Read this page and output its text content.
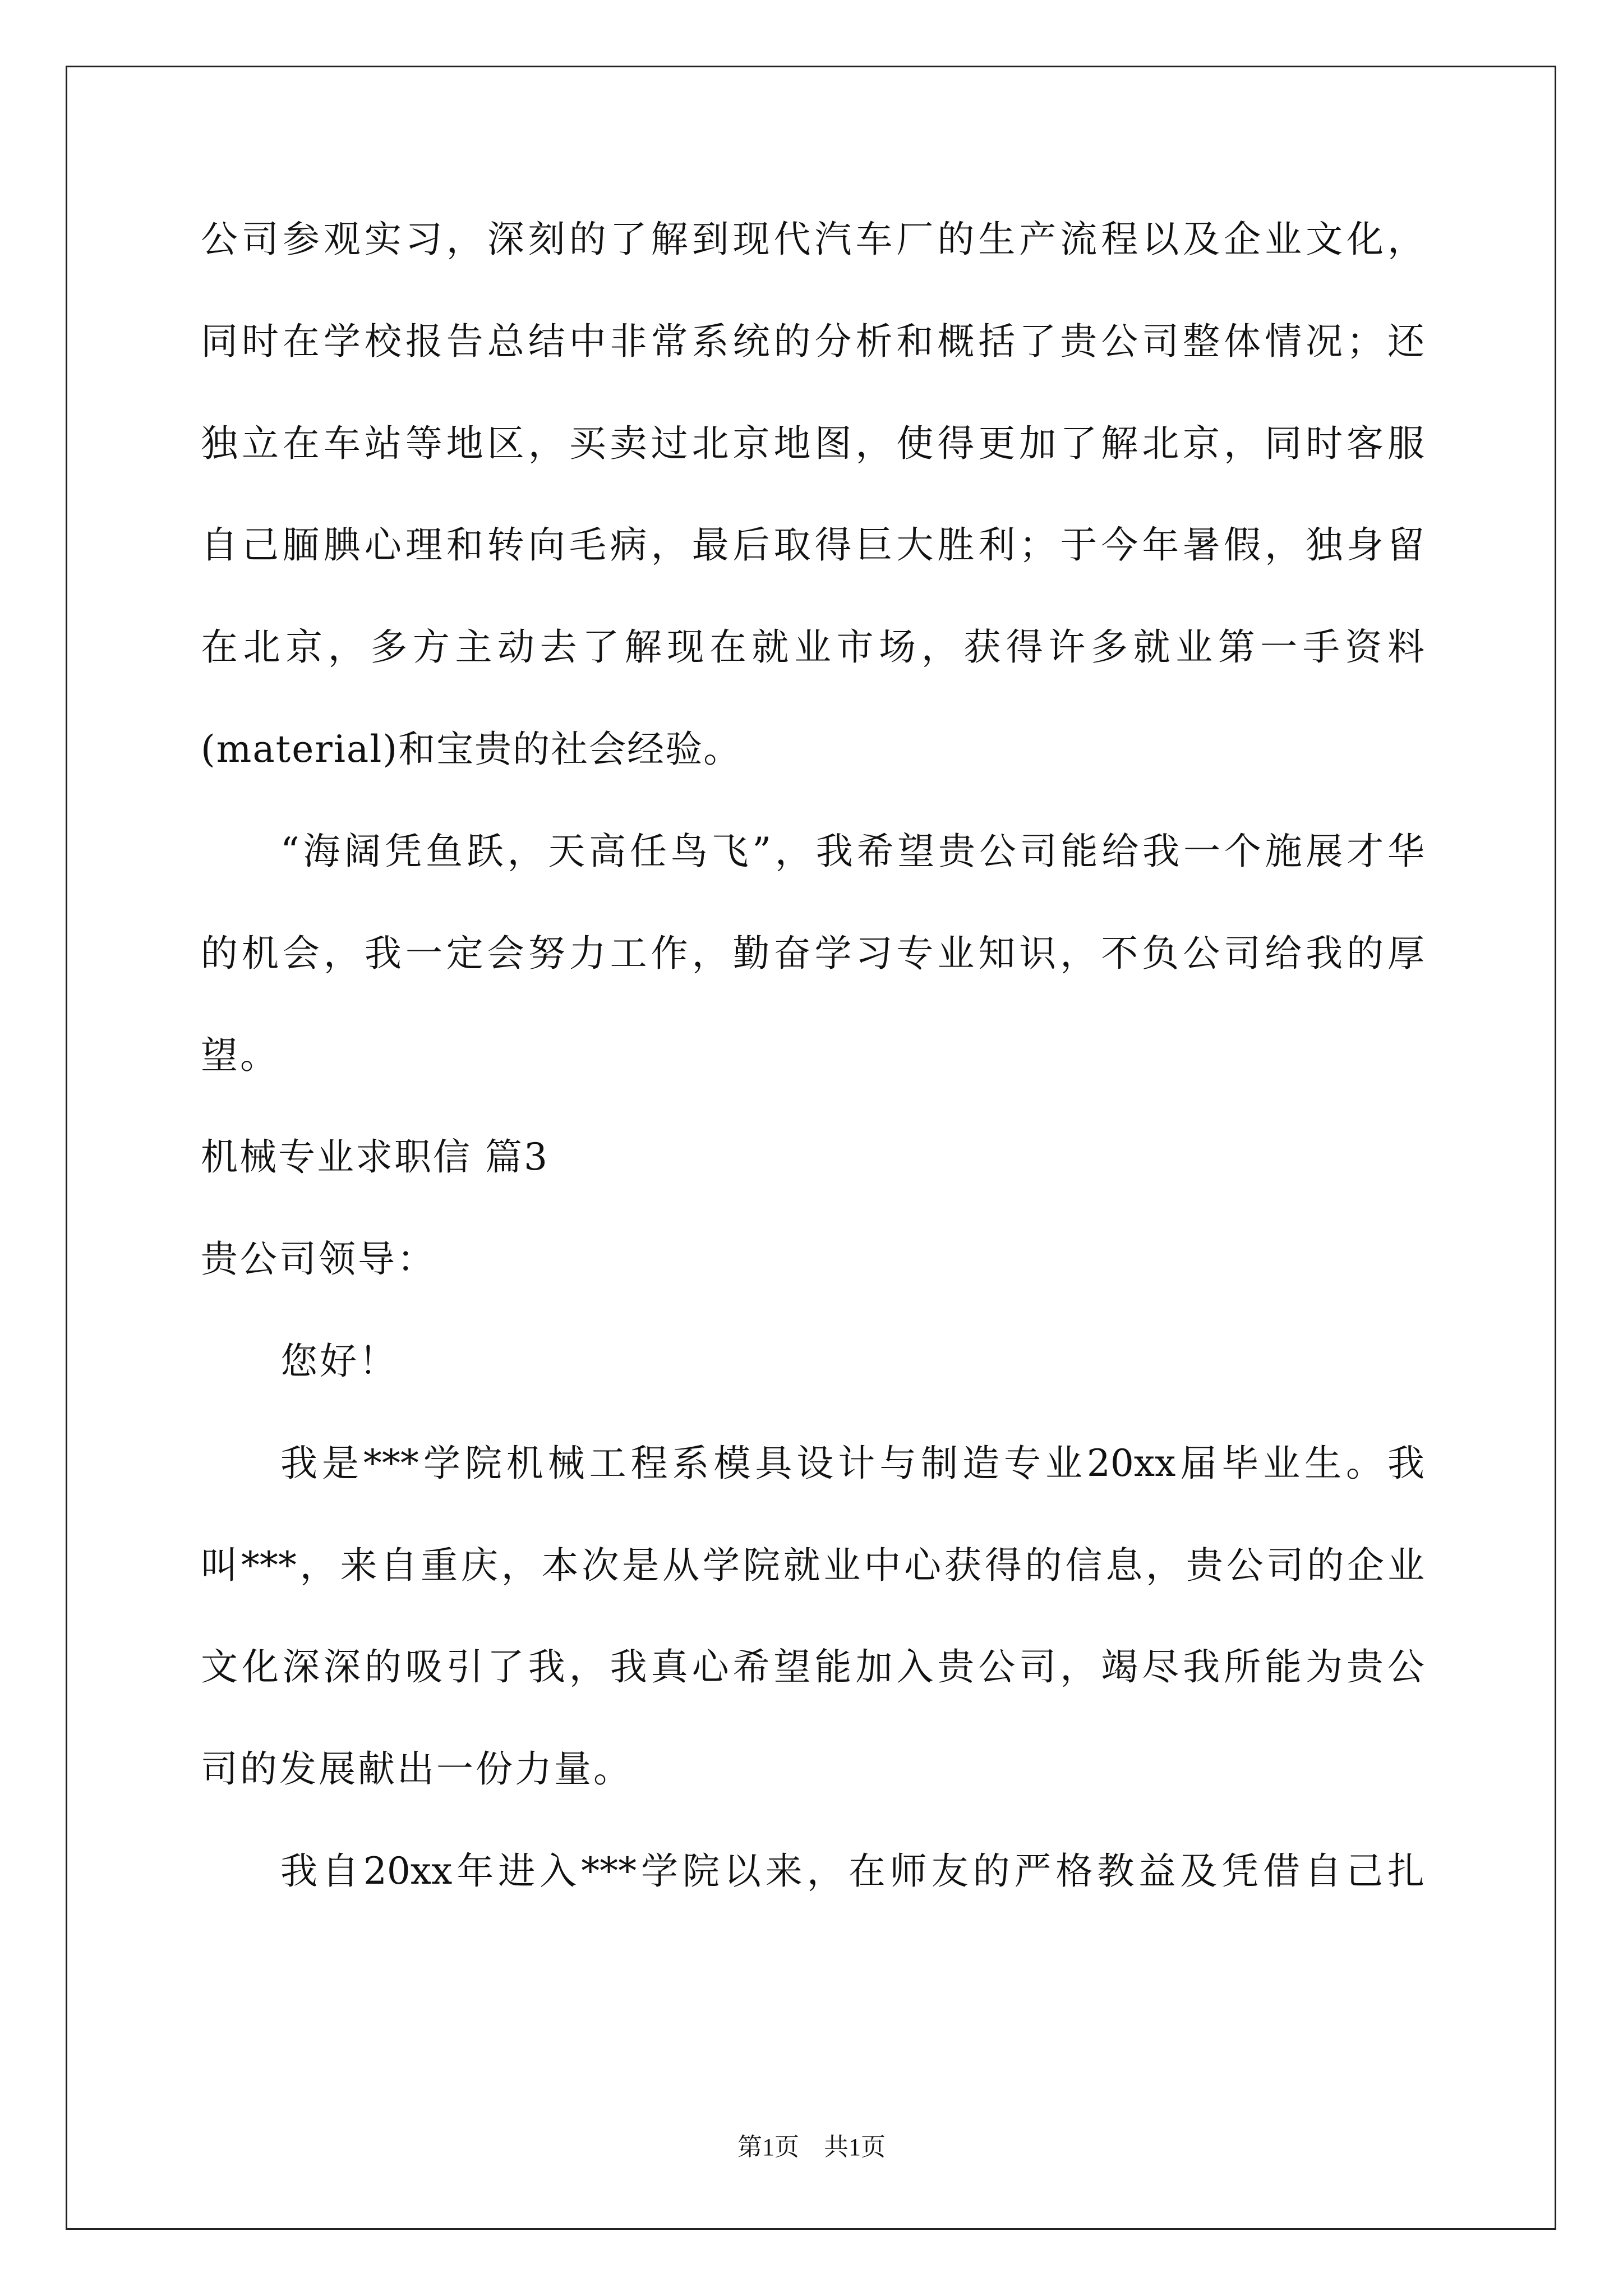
公司参观实习，深刻的了解到现代汽车厂的生产流程以及企业文化，
同时在学校报告总结中非常系统的分析和概括了贵公司整体情况；还
独立在车站等地区，买卖过北京地图，使得更加了解北京，同时客服
自己腼腆心理和转向毛病，最后取得巨大胜利；于今年暑假，独身留
在北京，多方主动去了解现在就业市场，获得许多就业第一手资料
(material)和宝贵的社会经验。
“海阔凭鱼跃，天高任鸟飞”，我希望贵公司能给我一个施展才华
的机会，我一定会努力工作，勤奋学习专业知识，不负公司给我的厚
望。
机械专业求职信 篇3
贵公司领导：
您好！
我是***学院机械工程系模具设计与制造专业20xx届毕业生。我
叫***，来自重庆，本次是从学院就业中心获得的信息，贵公司的企业
文化深深的吸引了我，我真心希望能加入贵公司，竭尽我所能为贵公
司的发展献出一份力量。
我自20xx年进入***学院以来，在师友的严格教益及凭借自己扎
第1页　共1页
